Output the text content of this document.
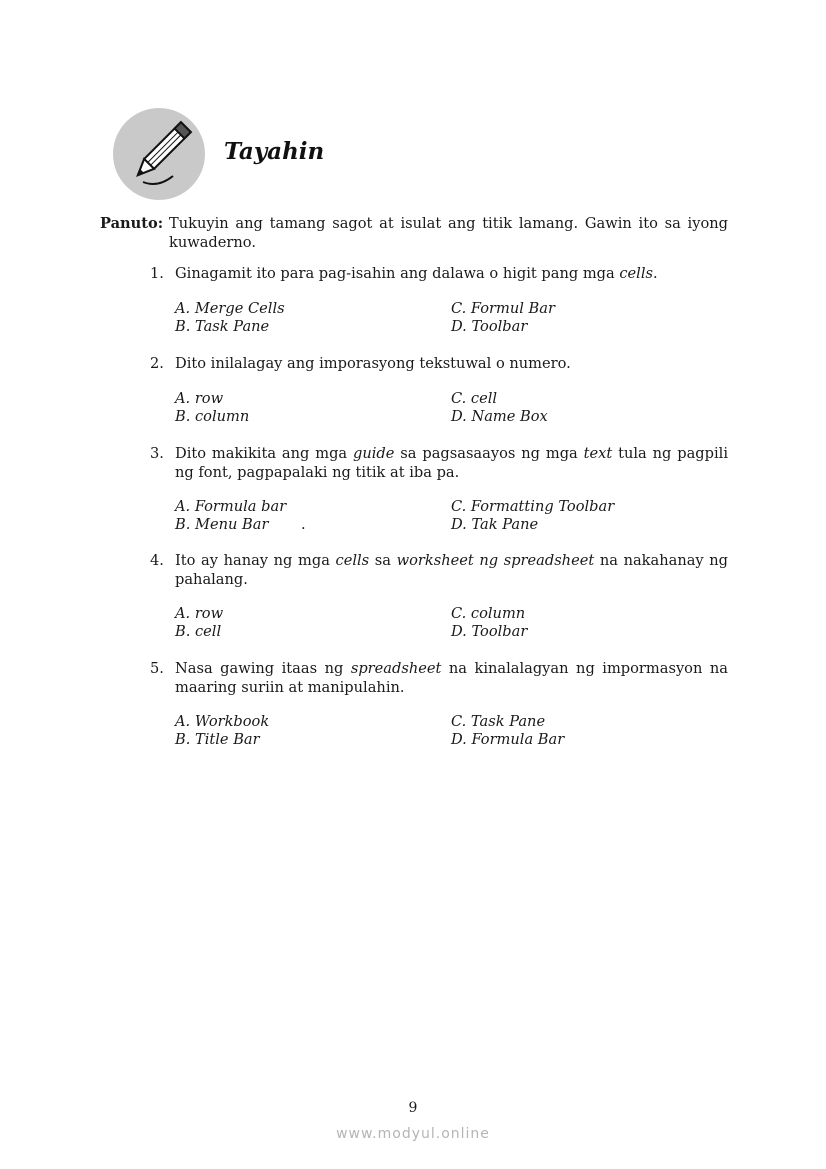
Tayahin
Panuto: Tukuyin ang tamang sagot at isulat ang titik lamang. Gawin ito sa iyong kuwaderno.
1. Ginagamit ito para pag-isahin ang dalawa o higit pang mga cells.
A. Merge Cells	C. Formul Bar
B. Task Pane	D. Toolbar
2. Dito inilalagay ang imporasyong tekstuwal o numero.
A. row	C. cell
B. column	D. Name Box
3. Dito makikita ang mga guide sa pagsasaayos ng mga text tula ng pagpili ng font, pagpapalaki ng titik at iba pa.
A. Formula bar	C. Formatting Toolbar
B. Menu Bar .	D. Tak Pane
4. Ito ay hanay ng mga cells sa worksheet ng spreadsheet na nakahanay ng pahalang.
A. row	C. column
B. cell	D. Toolbar
5. Nasa gawing itaas ng spreadsheet na kinalalagyan ng impormasyon na maaring suriin at manipulahin.
A. Workbook	C. Task Pane
B. Title Bar	D. Formula Bar
9
www.modyul.online
